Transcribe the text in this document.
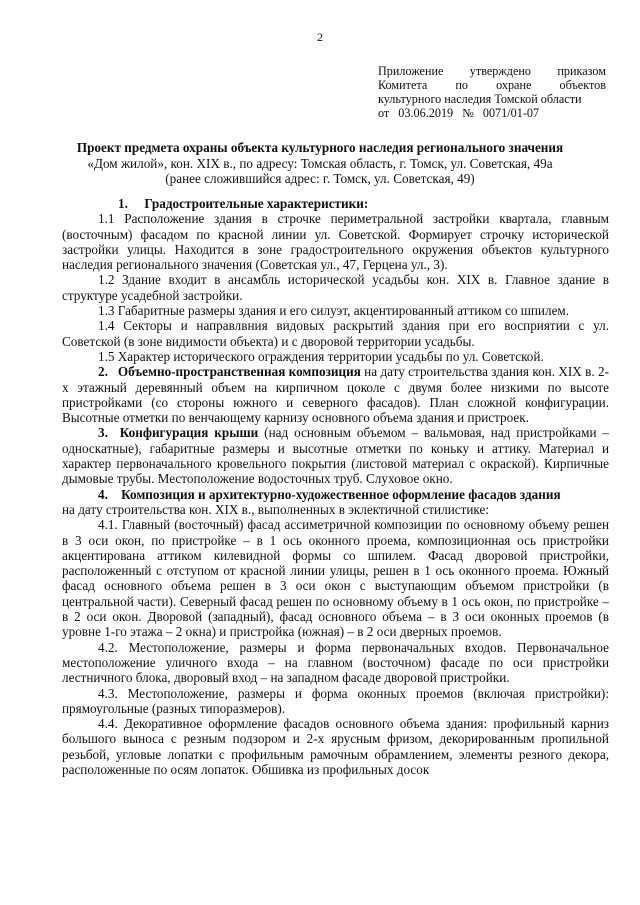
2
Приложение утверждено приказом
Комитета по охране объектов
культурного наследия Томской области
от 03.06.2019 № 0071/01-07
Проект предмета охраны объекта культурного наследия регионального значения
«Дом жилой», кон. XIX в., по адресу: Томская область, г. Томск, ул. Советская, 49а
(ранее сложившийся адрес: г. Томск, ул. Советская, 49)

1. Градостроительные характеристики:

1.1 Расположение здания в строчке периметральной застройки квартала, главным (восточным) фасадом по красной линии ул. Советской. Формирует строчку исторической застройки улицы. Находится в зоне градостроительного окружения объектов культурного наследия регионального значения (Советская ул., 47, Герцена ул., 3).

1.2 Здание входит в ансамбль исторической усадьбы кон. XIX в. Главное здание в структуре усадебной застройки.

1.3 Габаритные размеры здания и его силуэт, акцентированный аттиком со шпилем.

1.4 Секторы и направлвния видовых раскрытий здания при его восприятии с ул. Советской (в зоне видимости объекта) и с дворовой территории усадьбы.

1.5 Характер исторического ограждения территории усадьбы по ул. Советской.

2. Объемно-пространственная композиция на дату строительства здания кон. XIX в. 2-х этажный деревянный объем на кирпичном цоколе с двумя более низкими по высоте пристройками (со стороны южного и северного фасадов). План сложной конфигурации. Высотные отметки по венчающему карнизу основного объема здания и пристроек.

3. Конфигурация крыши (над основным объемом – вальмовая, над пристройками – односкатные), габаритные размеры и высотные отметки по коньку и аттику. Материал и характер первоначального кровельного покрытия (листовой материал с окраской). Кирпичные дымовые трубы. Местоположение водосточных труб. Слуховое окно.

4. Композиция и архитектурно-художественное оформление фасадов здания

на дату строительства кон. XIX в., выполненных в эклектичной стилистике:

4.1. Главный (восточный) фасад ассиметричной композиции по основному объему решен в 3 оси окон, по пристройке – в 1 ось оконного проема, композиционная ось пристройки акцентирована аттиком килевидной формы со шпилем. Фасад дворовой пристройки, расположенный с отступом от красной линии улицы, решен в 1 ось оконного проема. Южный фасад основного объема решен в 3 оси окон с выступающим объемом пристройки (в центральной части). Северный фасад решен по основному объему в 1 ось окон, по пристройке – в 2 оси окон. Дворовой (западный), фасад основного объема – в 3 оси оконных проемов (в уровне 1-го этажа – 2 окна) и пристройка (южная) – в 2 оси дверных проемов.

4.2. Местоположение, размеры и форма первоначальных входов. Первоначальное местоположение уличного входа – на главном (восточном) фасаде по оси пристройки лестничного блока, дворовый вход – на западном фасаде дворовой пристройки.

4.3. Местоположение, размеры и форма оконных проемов (включая пристройки): прямоугольные (разных типоразмеров).

4.4. Декоративное оформление фасадов основного объема здания: профильный карниз большого выноса с резным подзором и 2-х ярусным фризом, декорированным пропильной резьбой, угловые лопатки с профильным рамочным обрамлением, элементы резного декора, расположенные по осям лопаток. Обшивка из профильных досок
